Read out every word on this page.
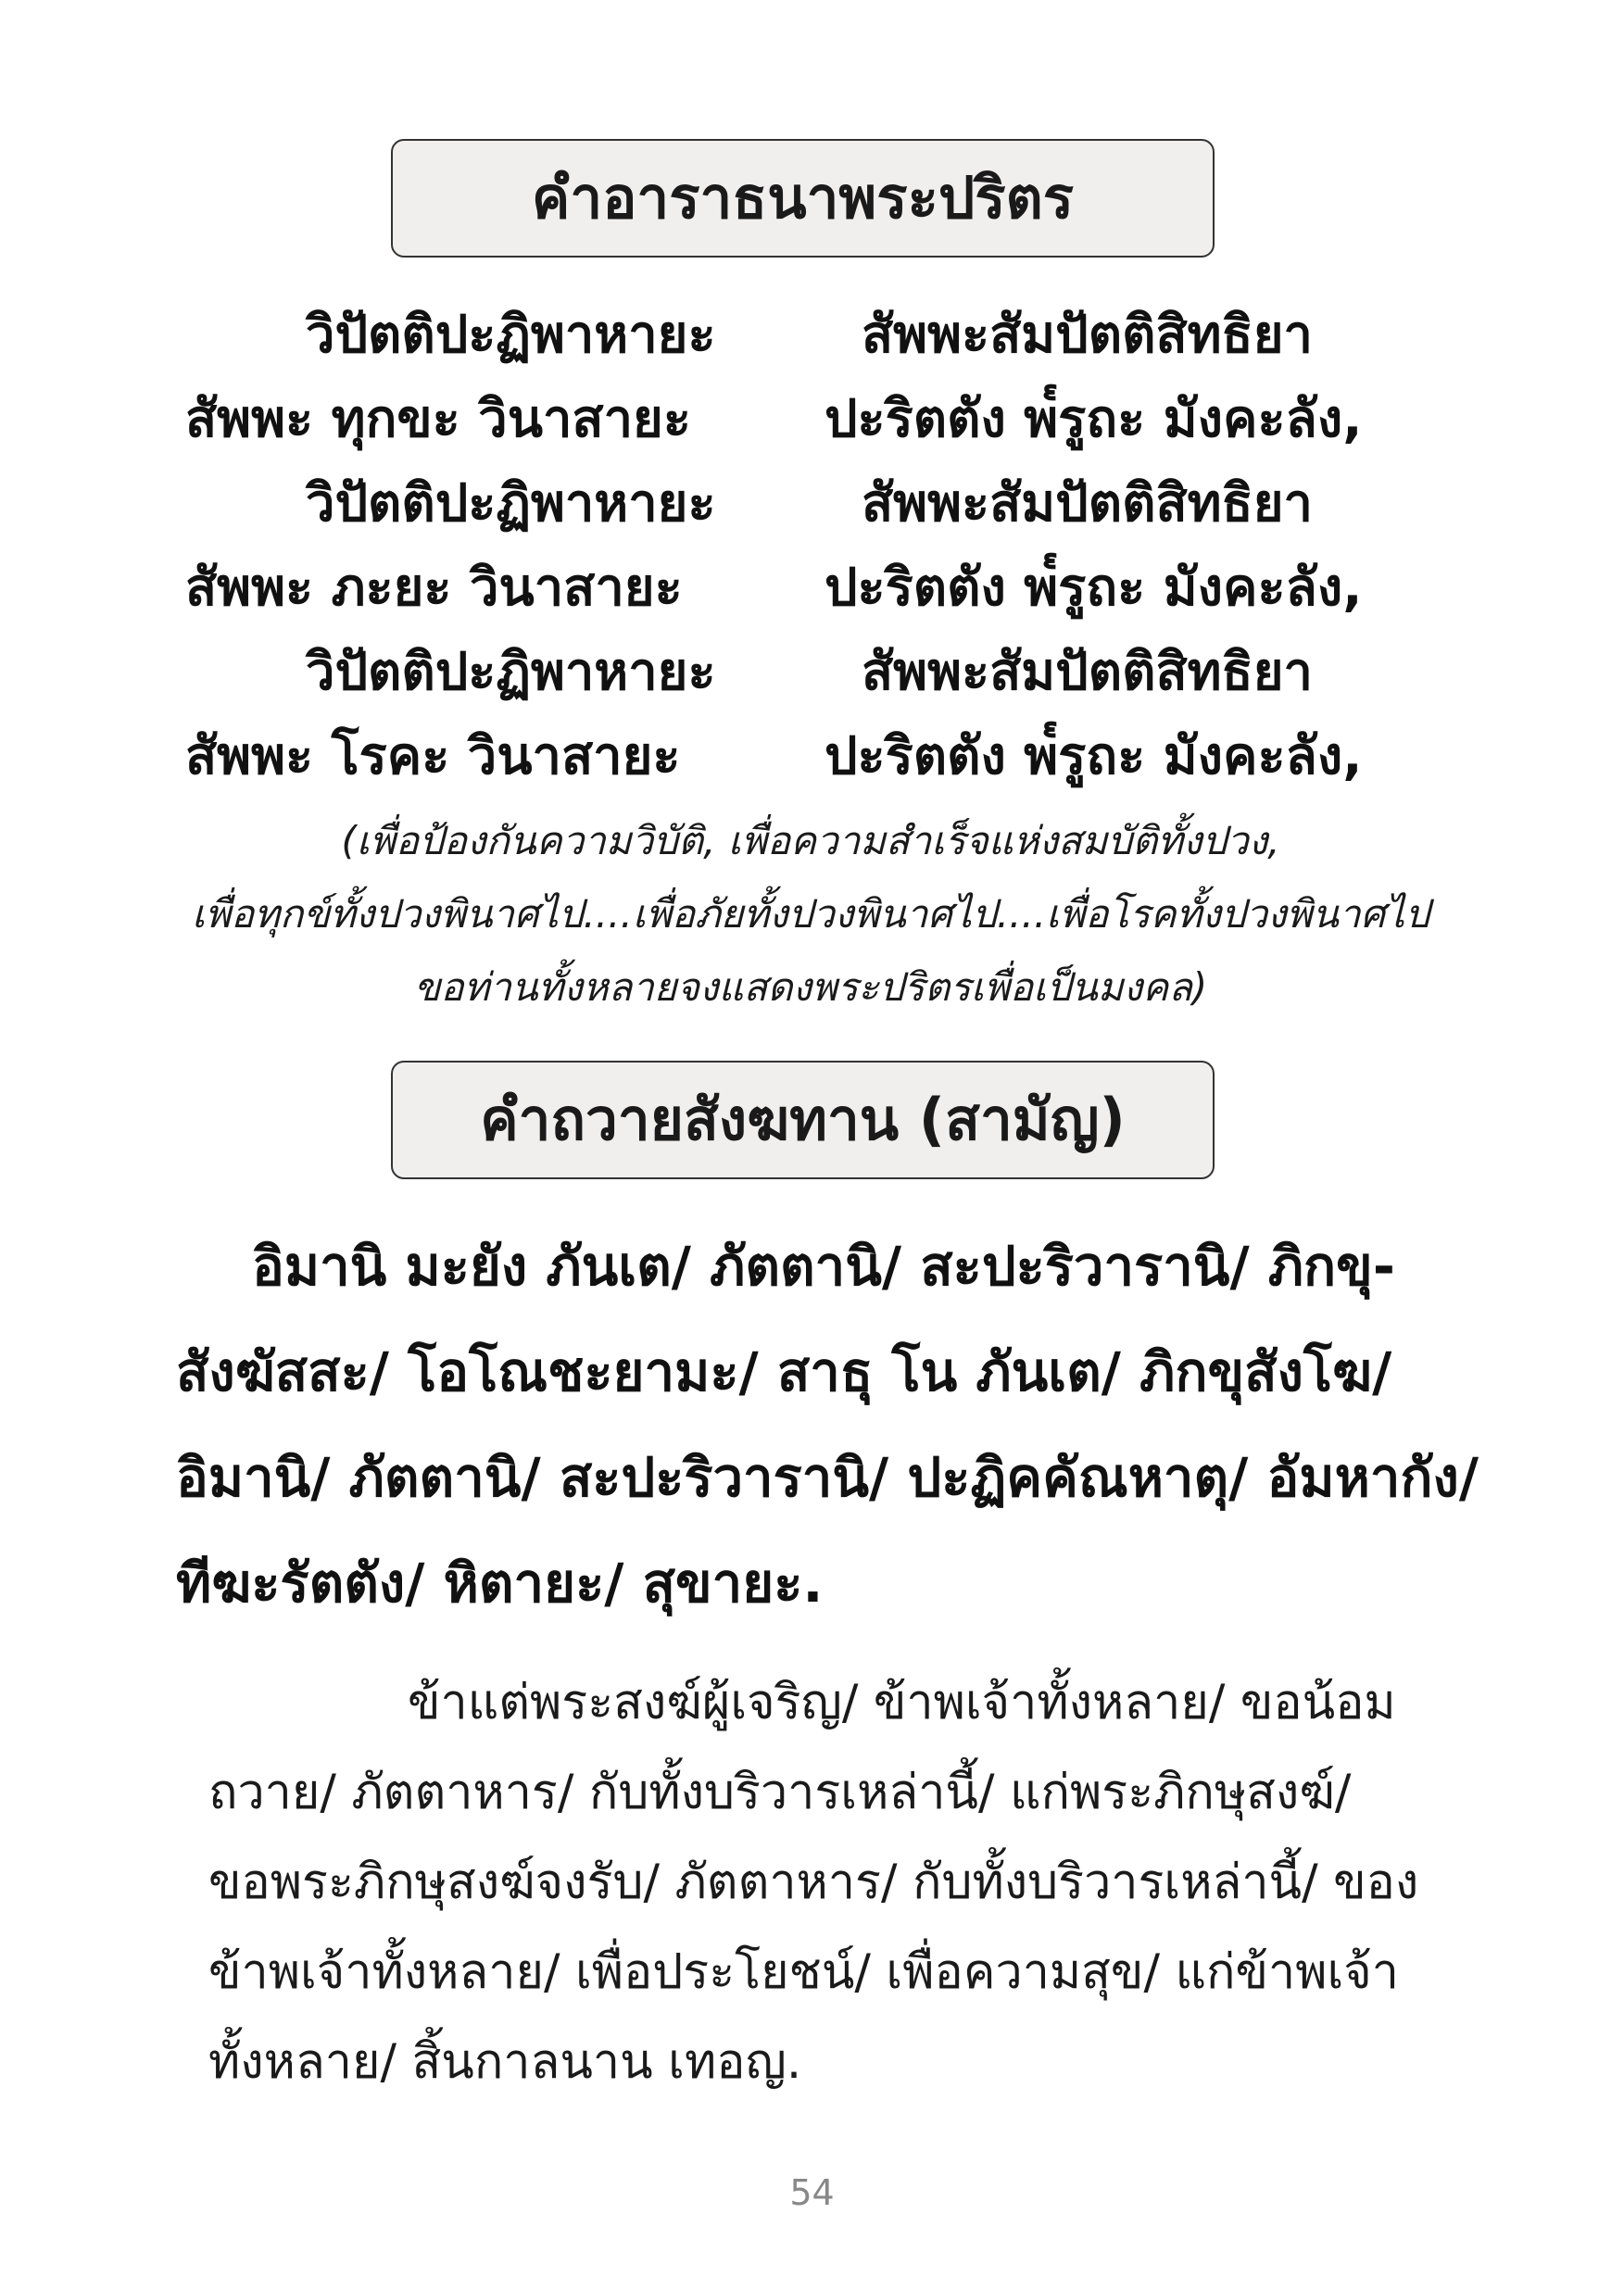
คำอาราธนาพระปริตร
วิปัตติปะฏิพาหายะ	สัพพะสัมปัตติสิทธิยา
สัพพะ ทุกขะ วินาสายะ	ปะริตตัง พ๎รูถะ มังคะลัง,
วิปัตติปะฏิพาหายะ	สัพพะสัมปัตติสิทธิยา
สัพพะ ภะยะ วินาสายะ	ปะริตตัง พ๎รูถะ มังคะลัง,
วิปัตติปะฏิพาหายะ	สัพพะสัมปัตติสิทธิยา
สัพพะ โรคะ วินาสายะ	ปะริตตัง พ๎รูถะ มังคะลัง,
(เพื่อป้องกันความวิบัติ, เพื่อความสำเร็จแห่งสมบัติทั้งปวง,
เพื่อทุกข์ทั้งปวงพินาศไป....เพื่อภัยทั้งปวงพินาศไป....เพื่อโรคทั้งปวงพินาศไป
ขอท่านทั้งหลายจงแสดงพระปริตรเพื่อเป็นมงคล)
คำถวายสังฆทาน (สามัญ)
อิมานิ มะยัง ภันเต/ ภัตตานิ/ สะปะริวารานิ/ ภิกขุ-
สังฆัสสะ/ โอโณชะยามะ/ สาธุ โน ภันเต/ ภิกขุสังโฆ/
อิมานิ/ ภัตตานิ/ สะปะริวารานิ/ ปะฏิคคัณหาตุ/ อัมหากัง/
ทีฆะรัตตัง/ หิตายะ/ สุขายะ.
ข้าแต่พระสงฆ์ผู้เจริญ/ ข้าพเจ้าทั้งหลาย/ ขอน้อม
ถวาย/ ภัตตาหาร/ กับทั้งบริวารเหล่านี้/ แก่พระภิกษุสงฆ์/
ขอพระภิกษุสงฆ์จงรับ/ ภัตตาหาร/ กับทั้งบริวารเหล่านี้/ ของ
ข้าพเจ้าทั้งหลาย/ เพื่อประโยชน์/ เพื่อความสุข/ แก่ข้าพเจ้า
ทั้งหลาย/ สิ้นกาลนาน เทอญ.
54
